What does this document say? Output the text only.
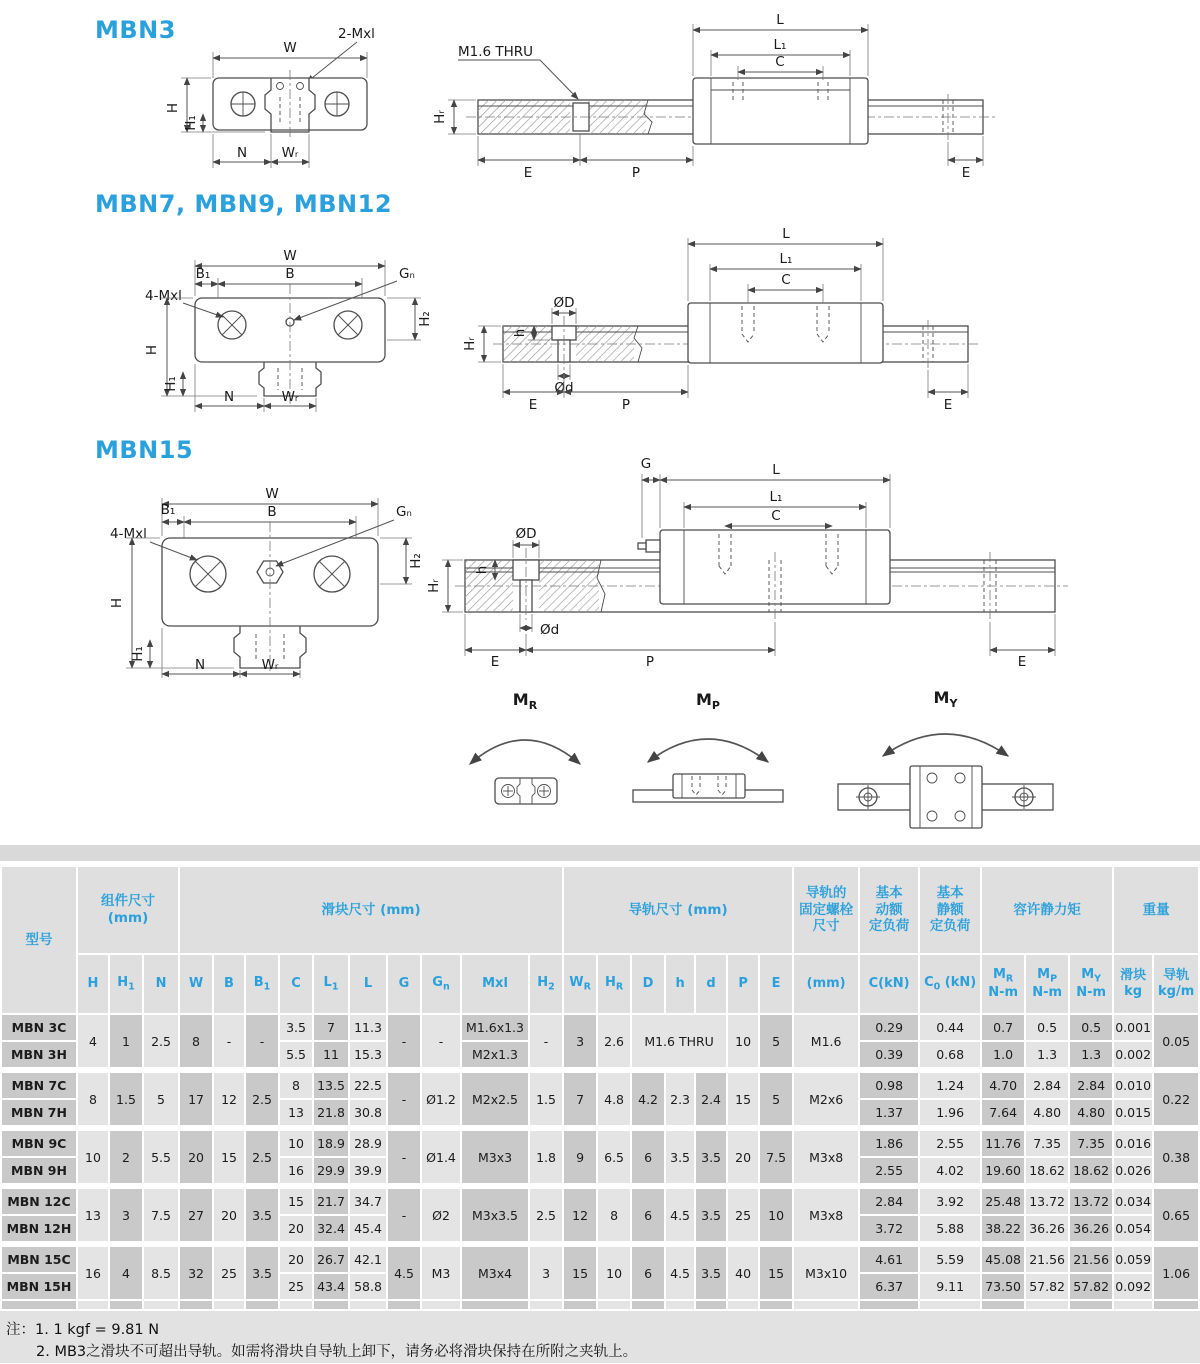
MBN3
MBN7, MBN9, MBN12
MBN15
W
2-Mxl
H
H₁
N	Wᵣ
L
L₁
C
M1.6 THRU
Hᵣ
E	P	E
W
B
B₁
4-Mxl
Gₙ
H
H₁
H₂
N	Wᵣ
ØD
h
Hᵣ
Ød
L
L₁
C
E	P	E
W
B
B₁
4-Mxl
Gₙ
H
H₁
H₂
N	Wᵣ
G	L
L₁
C
ØD
h
Hᵣ
Ød
E	P	E
$M_R$	$M_P$	$M_Y$
型号	组件尺寸
(mm)			滑块尺寸 (mm)										导轨尺寸 (mm)							导轨的
固定螺栓
尺寸	基本
动额
定负荷	基本
静额
定负荷	容许静力矩			重量	
	H	$H_1$	N	W	B	$B_1$	C	$L_1$	L	G	$G_n$	Mxl	$H_2$	$W_R$	$H_R$	D	h	d	P	E	(mm)	C(kN)	$C_0$ (kN)	$M_R$
N-m	$M_P$
N-m	$M_Y$
N-m	滑块
kg	导轨
kg/m
MBN 3C	4	1	2.5	8	-	-	3.5	7	11.3	-	-	M1.6x1.3	-	3	2.6	M1.6 THRU			10	5	M1.6	0.29	0.44	0.7	0.5	0.5	0.001	0.05
MBN 3H							5.5	11	15.3			M2x1.3										0.39	0.68	1.0	1.3	1.3	0.002	

MBN 7C	8	1.5	5	17	12	2.5	8	13.5	22.5	-	Ø1.2	M2x2.5	1.5	7	4.8	4.2	2.3	2.4	15	5	M2x6	0.98	1.24	4.70	2.84	2.84	0.010	0.22
MBN 7H							13	21.8	30.8													1.37	1.96	7.64	4.80	4.80	0.015	

MBN 9C	10	2	5.5	20	15	2.5	10	18.9	28.9	-	Ø1.4	M3x3	1.8	9	6.5	6	3.5	3.5	20	7.5	M3x8	1.86	2.55	11.76	7.35	7.35	0.016	0.38
MBN 9H							16	29.9	39.9													2.55	4.02	19.60	18.62	18.62	0.026	

MBN 12C	13	3	7.5	27	20	3.5	15	21.7	34.7	-	Ø2	M3x3.5	2.5	12	8	6	4.5	3.5	25	10	M3x8	2.84	3.92	25.48	13.72	13.72	0.034	0.65
MBN 12H							20	32.4	45.4													3.72	5.88	38.22	36.26	36.26	0.054	

MBN 15C	16	4	8.5	32	25	3.5	20	26.7	42.1	4.5	M3	M3x4	3	15	10	6	4.5	3.5	40	15	M3x10	4.61	5.59	45.08	21.56	21.56	0.059	1.06
MBN 15H							25	43.4	58.8													6.37	9.11	73.50	57.82	57.82	0.092	

注：1. 1 kgf = 9.81 N
2. MB3之滑块不可超出导轨。如需将滑块自导轨上卸下，请务必将滑块保持在所附之夹轨上。
